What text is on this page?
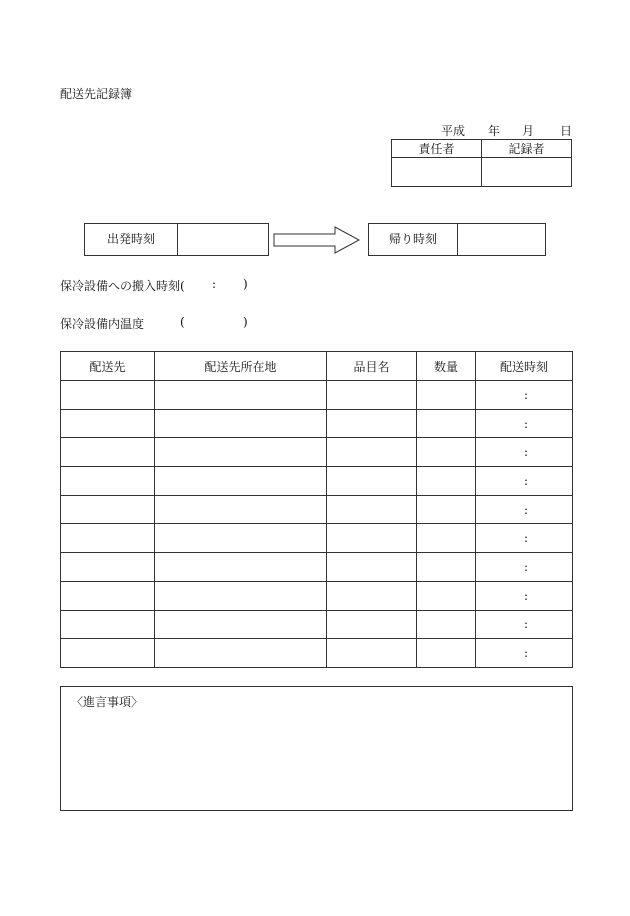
配送先記録簿
平成 年 月 日
責任者	記録者

出発時刻	帰り時刻
保冷設備への搬入時刻( : )
保冷設備内温度	(	)
配送先	配送先所在地	品目名	数量	配送時刻
				:
				:
				:
				:
				:
				:
				:
				:
				:
				:
〈進言事項〉
